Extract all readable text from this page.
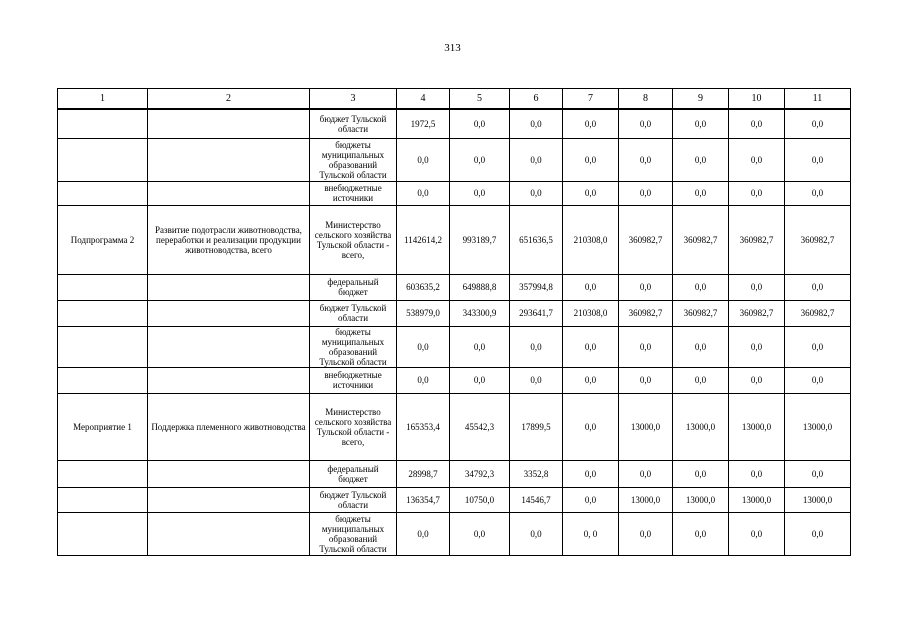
313
1	2	3	4	5	6	7	8	9	10	11
		бюджет Тульской области	1972,5	0,0	0,0	0,0	0,0	0,0	0,0	0,0
		бюджеты муниципальных образований Тульской области	0,0	0,0	0,0	0,0	0,0	0,0	0,0	0,0
		внебюджетные источники	0,0	0,0	0,0	0,0	0,0	0,0	0,0	0,0
Подпрограмма 2	Развитие подотрасли животноводства, переработки и реализации продукции животноводства, всего	Министерство сельского хозяйства Тульской области - всего,	1142614,2	993189,7	651636,5	210308,0	360982,7	360982,7	360982,7	360982,7
		федеральный бюджет	603635,2	649888,8	357994,8	0,0	0,0	0,0	0,0	0,0
		бюджет Тульской области	538979,0	343300,9	293641,7	210308,0	360982,7	360982,7	360982,7	360982,7
		бюджеты муниципальных образований Тульской области	0,0	0,0	0,0	0,0	0,0	0,0	0,0	0,0
		внебюджетные источники	0,0	0,0	0,0	0,0	0,0	0,0	0,0	0,0
Мероприятие 1	Поддержка племенного животноводства	Министерство сельского хозяйства Тульской области - всего,	165353,4	45542,3	17899,5	0,0	13000,0	13000,0	13000,0	13000,0
		федеральный бюджет	28998,7	34792,3	3352,8	0,0	0,0	0,0	0,0	0,0
		бюджет Тульской области	136354,7	10750,0	14546,7	0,0	13000,0	13000,0	13000,0	13000,0
		бюджеты муниципальных образований Тульской области	0,0	0,0	0,0	0, 0	0,0	0,0	0,0	0,0
